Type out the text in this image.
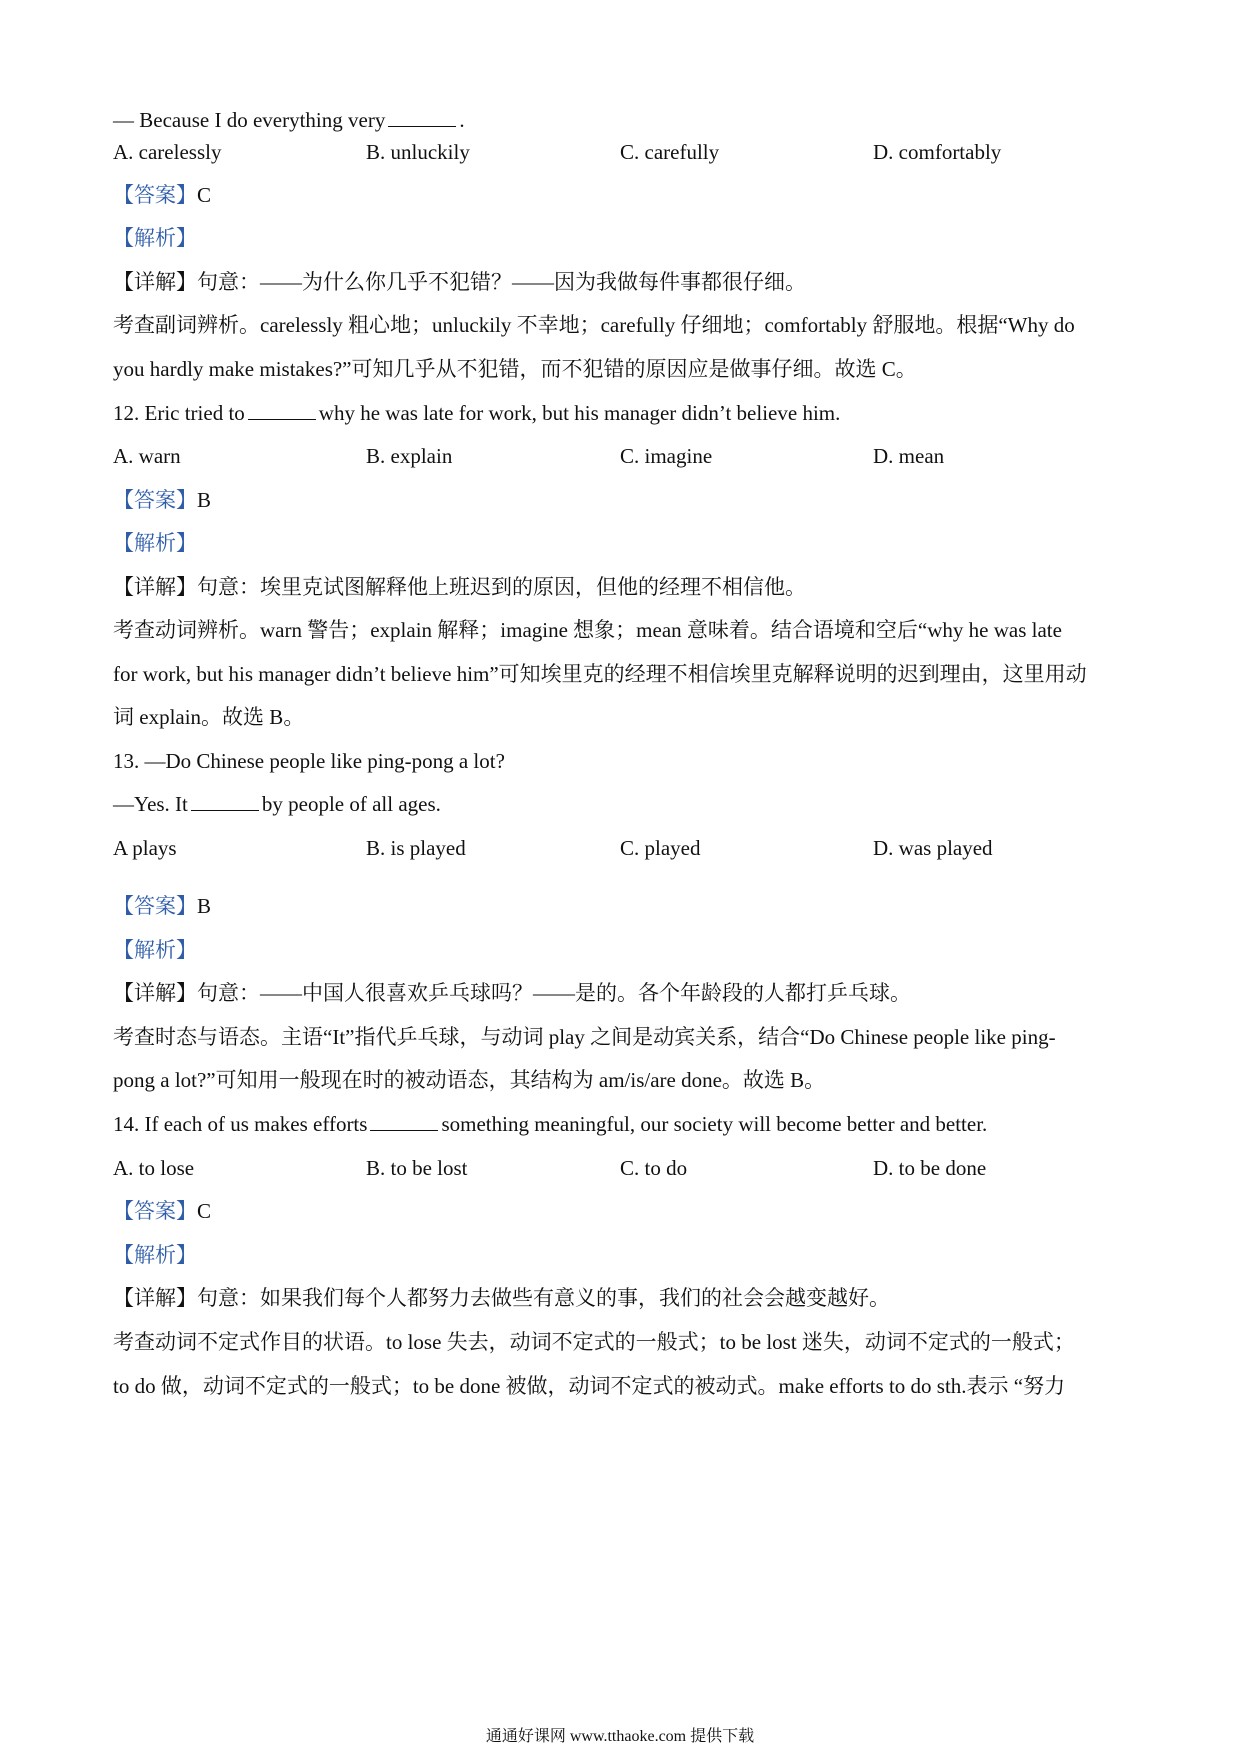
— Because I do everything very	.
A. carelessly	B. unluckily	C. carefully	D. comfortably
【答案】C
【解析】
【详解】句意：——为什么你几乎不犯错？——因为我做每件事都很仔细。
考查副词辨析。carelessly 粗心地；unluckily 不幸地；carefully 仔细地；comfortably 舒服地。根据“Why do
you hardly make mistakes?”可知几乎从不犯错，而不犯错的原因应是做事仔细。故选 C。
12. Eric tried to	why he was late for work, but his manager didn’t believe him.
A. warn	B. explain	C. imagine	D. mean
【答案】B
【解析】
【详解】句意：埃里克试图解释他上班迟到的原因，但他的经理不相信他。
考查动词辨析。warn 警告；explain 解释；imagine 想象；mean 意味着。结合语境和空后“why he was late
for work, but his manager didn’t believe him”可知埃里克的经理不相信埃里克解释说明的迟到理由，这里用动
词 explain。故选 B。
13. —Do Chinese people like ping-pong a lot?
—Yes. It	by people of all ages.
A plays	B. is played	C. played	D. was played
【答案】B
【解析】
【详解】句意：——中国人很喜欢乒乓球吗？——是的。各个年龄段的人都打乒乓球。
考查时态与语态。主语“It”指代乒乓球，与动词 play 之间是动宾关系，结合“Do Chinese people like ping-
pong a lot?”可知用一般现在时的被动语态，其结构为 am/is/are done。故选 B。
14. If each of us makes efforts	something meaningful, our society will become better and better.
A. to lose	B. to be lost	C. to do	D. to be done
【答案】C
【解析】
【详解】句意：如果我们每个人都努力去做些有意义的事，我们的社会会越变越好。
考查动词不定式作目的状语。to lose 失去，动词不定式的一般式；to be lost 迷失，动词不定式的一般式；
to do 做，动词不定式的一般式；to be done 被做，动词不定式的被动式。make efforts to do sth.表示 “努力
通通好课网 www.tthaoke.com 提供下载
